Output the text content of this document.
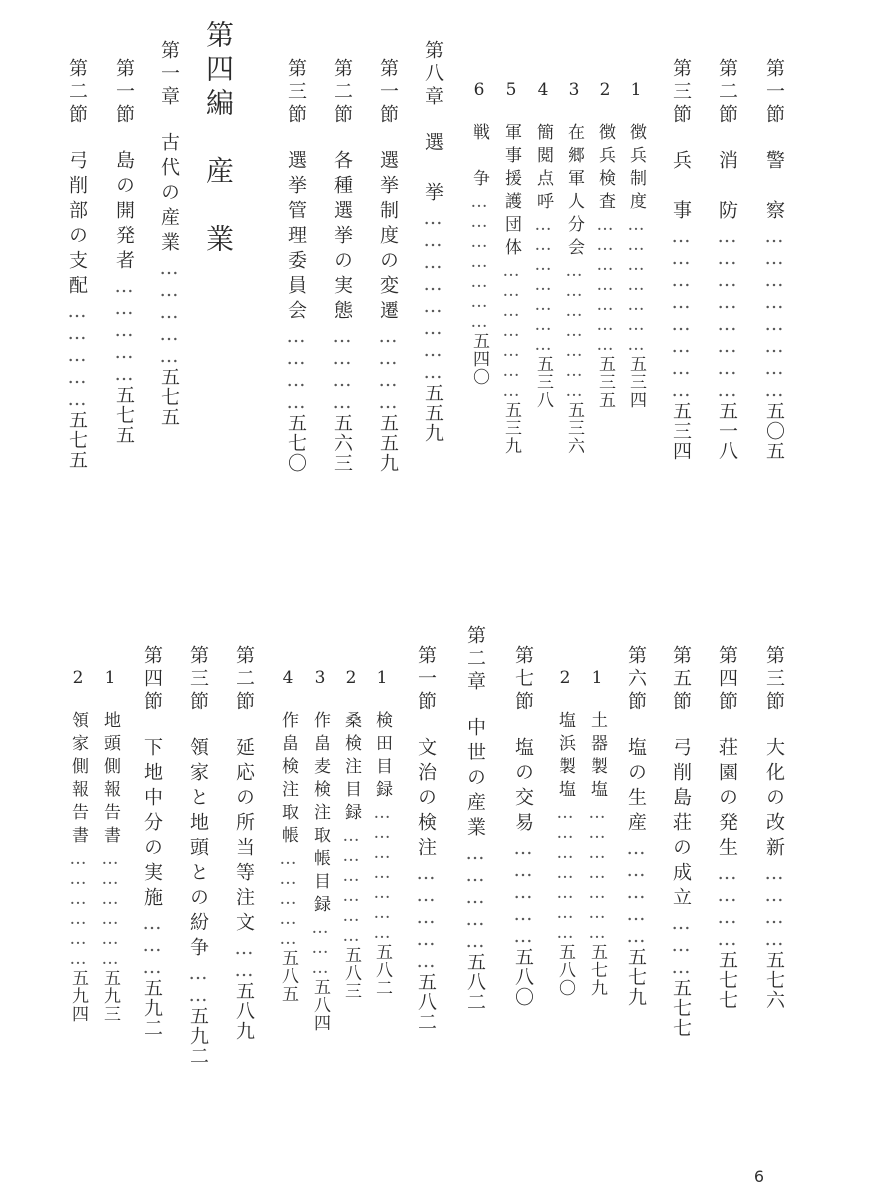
第一節　警　察……………………五〇五
第二節　消　防……………………五一八
第三節　兵　事……………………五三四
1　徴兵制度…………………五三四
2　徴兵検査…………………五三五
3　在郷軍人分会…………………五三六
4　簡閲点呼…………………五三八
5　軍事援護団体…………………五三九
6　戦　争…………………五四〇
第八章　選　挙……………………五五九
第一節　選挙制度の変遷…………五五九
第二節　各種選挙の実態…………五六三
第三節　選挙管理委員会…………五七〇
第四編　産　業
第一章　古代の産業……………五七五
第一節　島の開発者……………五七五
第二節　弓削部の支配……………五七五
第三節　大化の改新…………五七六
第四節　荘園の発生…………五七七
第五節　弓削島荘の成立………五七七
第六節　塩の生産……………五七九
1　土器製塩…………………五七九
2　塩浜製塩…………………五八〇
第七節　塩の交易……………五八〇
第二章　中世の産業……………五八二
第一節　文治の検注……………五八二
1　検田目録…………………五八二
2　桑検注目録………………五八三
3　作畠麦検注取帳目録………五八四
4　作畠検注取帳……………五八五
第二節　延応の所当等注文……五八九
第三節　領家と地頭との紛争……五九二
第四節　下地中分の実施………五九二
1　地頭側報告書………………五九三
2　領家側報告書………………五九四
6
